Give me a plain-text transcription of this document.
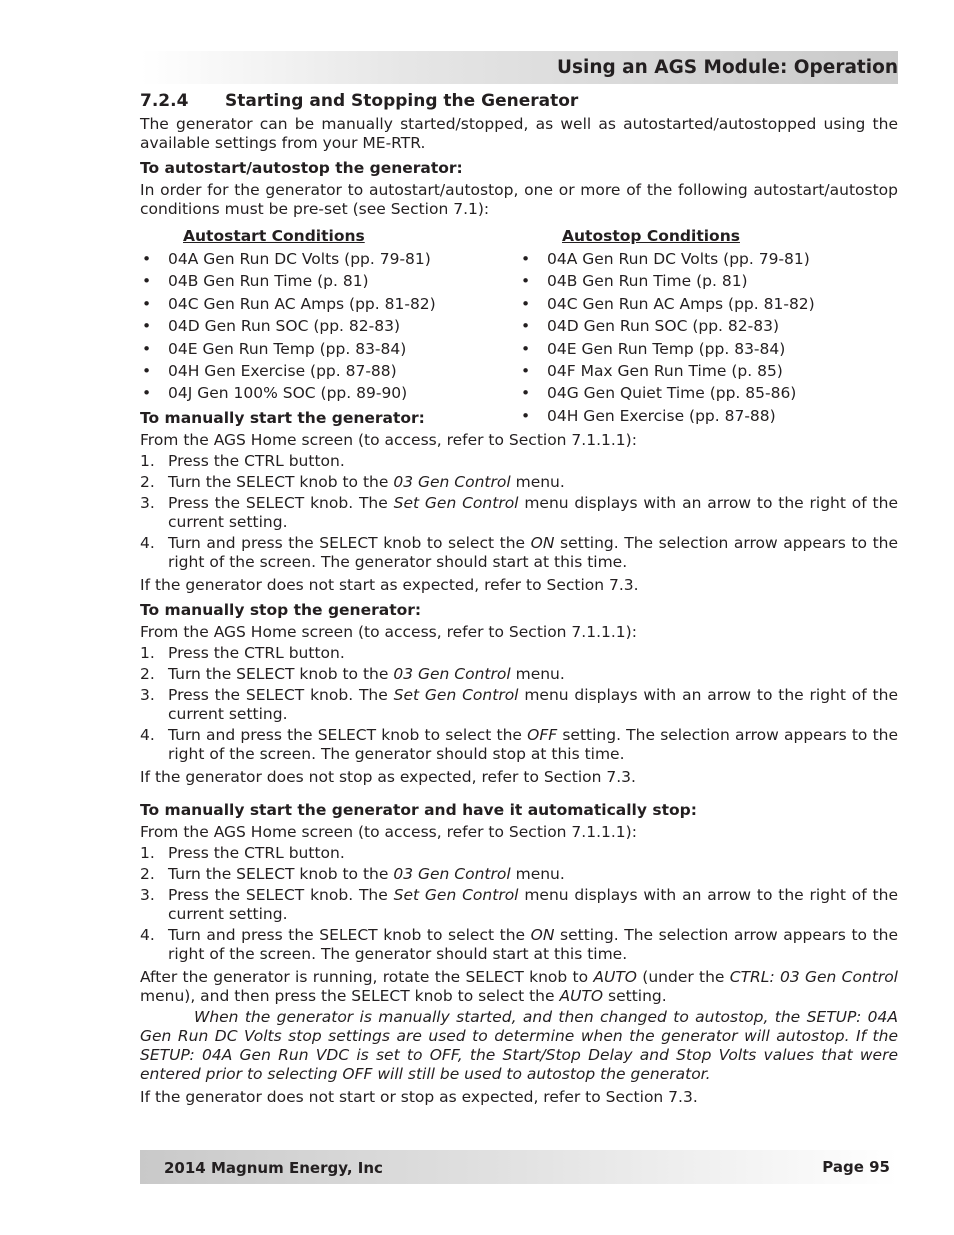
Using an AGS Module: Operation
7.2.4 Starting and Stopping the Generator

The generator can be manually started/stopped, as well as autostarted/autostopped using the available settings from your ME-RTR.

To autostart/autostop the generator:

In order for the generator to autostart/autostop, one or more of the following autostart/autostop conditions must be pre-set (see Section 7.1):

Autostart Conditions
• 04A Gen Run DC Volts (pp. 79-81)
• 04B Gen Run Time (p. 81)
• 04C Gen Run AC Amps (pp. 81-82)
• 04D Gen Run SOC (pp. 82-83)
• 04E Gen Run Temp (pp. 83-84)
• 04H Gen Exercise (pp. 87-88)
• 04J Gen 100% SOC (pp. 89-90)
Autostop Conditions
• 04A Gen Run DC Volts (pp. 79-81)
• 04B Gen Run Time (p. 81)
• 04C Gen Run AC Amps (pp. 81-82)
• 04D Gen Run SOC (pp. 82-83)
• 04E Gen Run Temp (pp. 83-84)
• 04F Max Gen Run Time (p. 85)
• 04G Gen Quiet Time (pp. 85-86)
• 04H Gen Exercise (pp. 87-88)
To manually start the generator:

From the AGS Home screen (to access, refer to Section 7.1.1.1):

1. Press the CTRL button.
2. Turn the SELECT knob to the 03 Gen Control menu.
3. Press the SELECT knob. The Set Gen Control menu displays with an arrow to the right of the current setting.
4. Turn and press the SELECT knob to select the ON setting. The selection arrow appears to the right of the screen. The generator should start at this time.

If the generator does not start as expected, refer to Section 7.3.

To manually stop the generator:

From the AGS Home screen (to access, refer to Section 7.1.1.1):

1. Press the CTRL button.
2. Turn the SELECT knob to the 03 Gen Control menu.
3. Press the SELECT knob. The Set Gen Control menu displays with an arrow to the right of the current setting.
4. Turn and press the SELECT knob to select the OFF setting. The selection arrow appears to the right of the screen. The generator should stop at this time.

If the generator does not stop as expected, refer to Section 7.3.

To manually start the generator and have it automatically stop:

From the AGS Home screen (to access, refer to Section 7.1.1.1):

1. Press the CTRL button.
2. Turn the SELECT knob to the 03 Gen Control menu.
3. Press the SELECT knob. The Set Gen Control menu displays with an arrow to the right of the current setting.
4. Turn and press the SELECT knob to select the ON setting. The selection arrow appears to the right of the screen. The generator should start at this time.

After the generator is running, rotate the SELECT knob to AUTO (under the CTRL: 03 Gen Control menu), and then press the SELECT knob to select the AUTO setting.

When the generator is manually started, and then changed to autostop, the SETUP: 04A Gen Run DC Volts stop settings are used to determine when the generator will autostop. If the SETUP: 04A Gen Run VDC is set to OFF, the Start/Stop Delay and Stop Volts values that were entered prior to selecting OFF will still be used to autostop the generator.

If the generator does not start or stop as expected, refer to Section 7.3.

2014 Magnum Energy, Inc	Page 95
